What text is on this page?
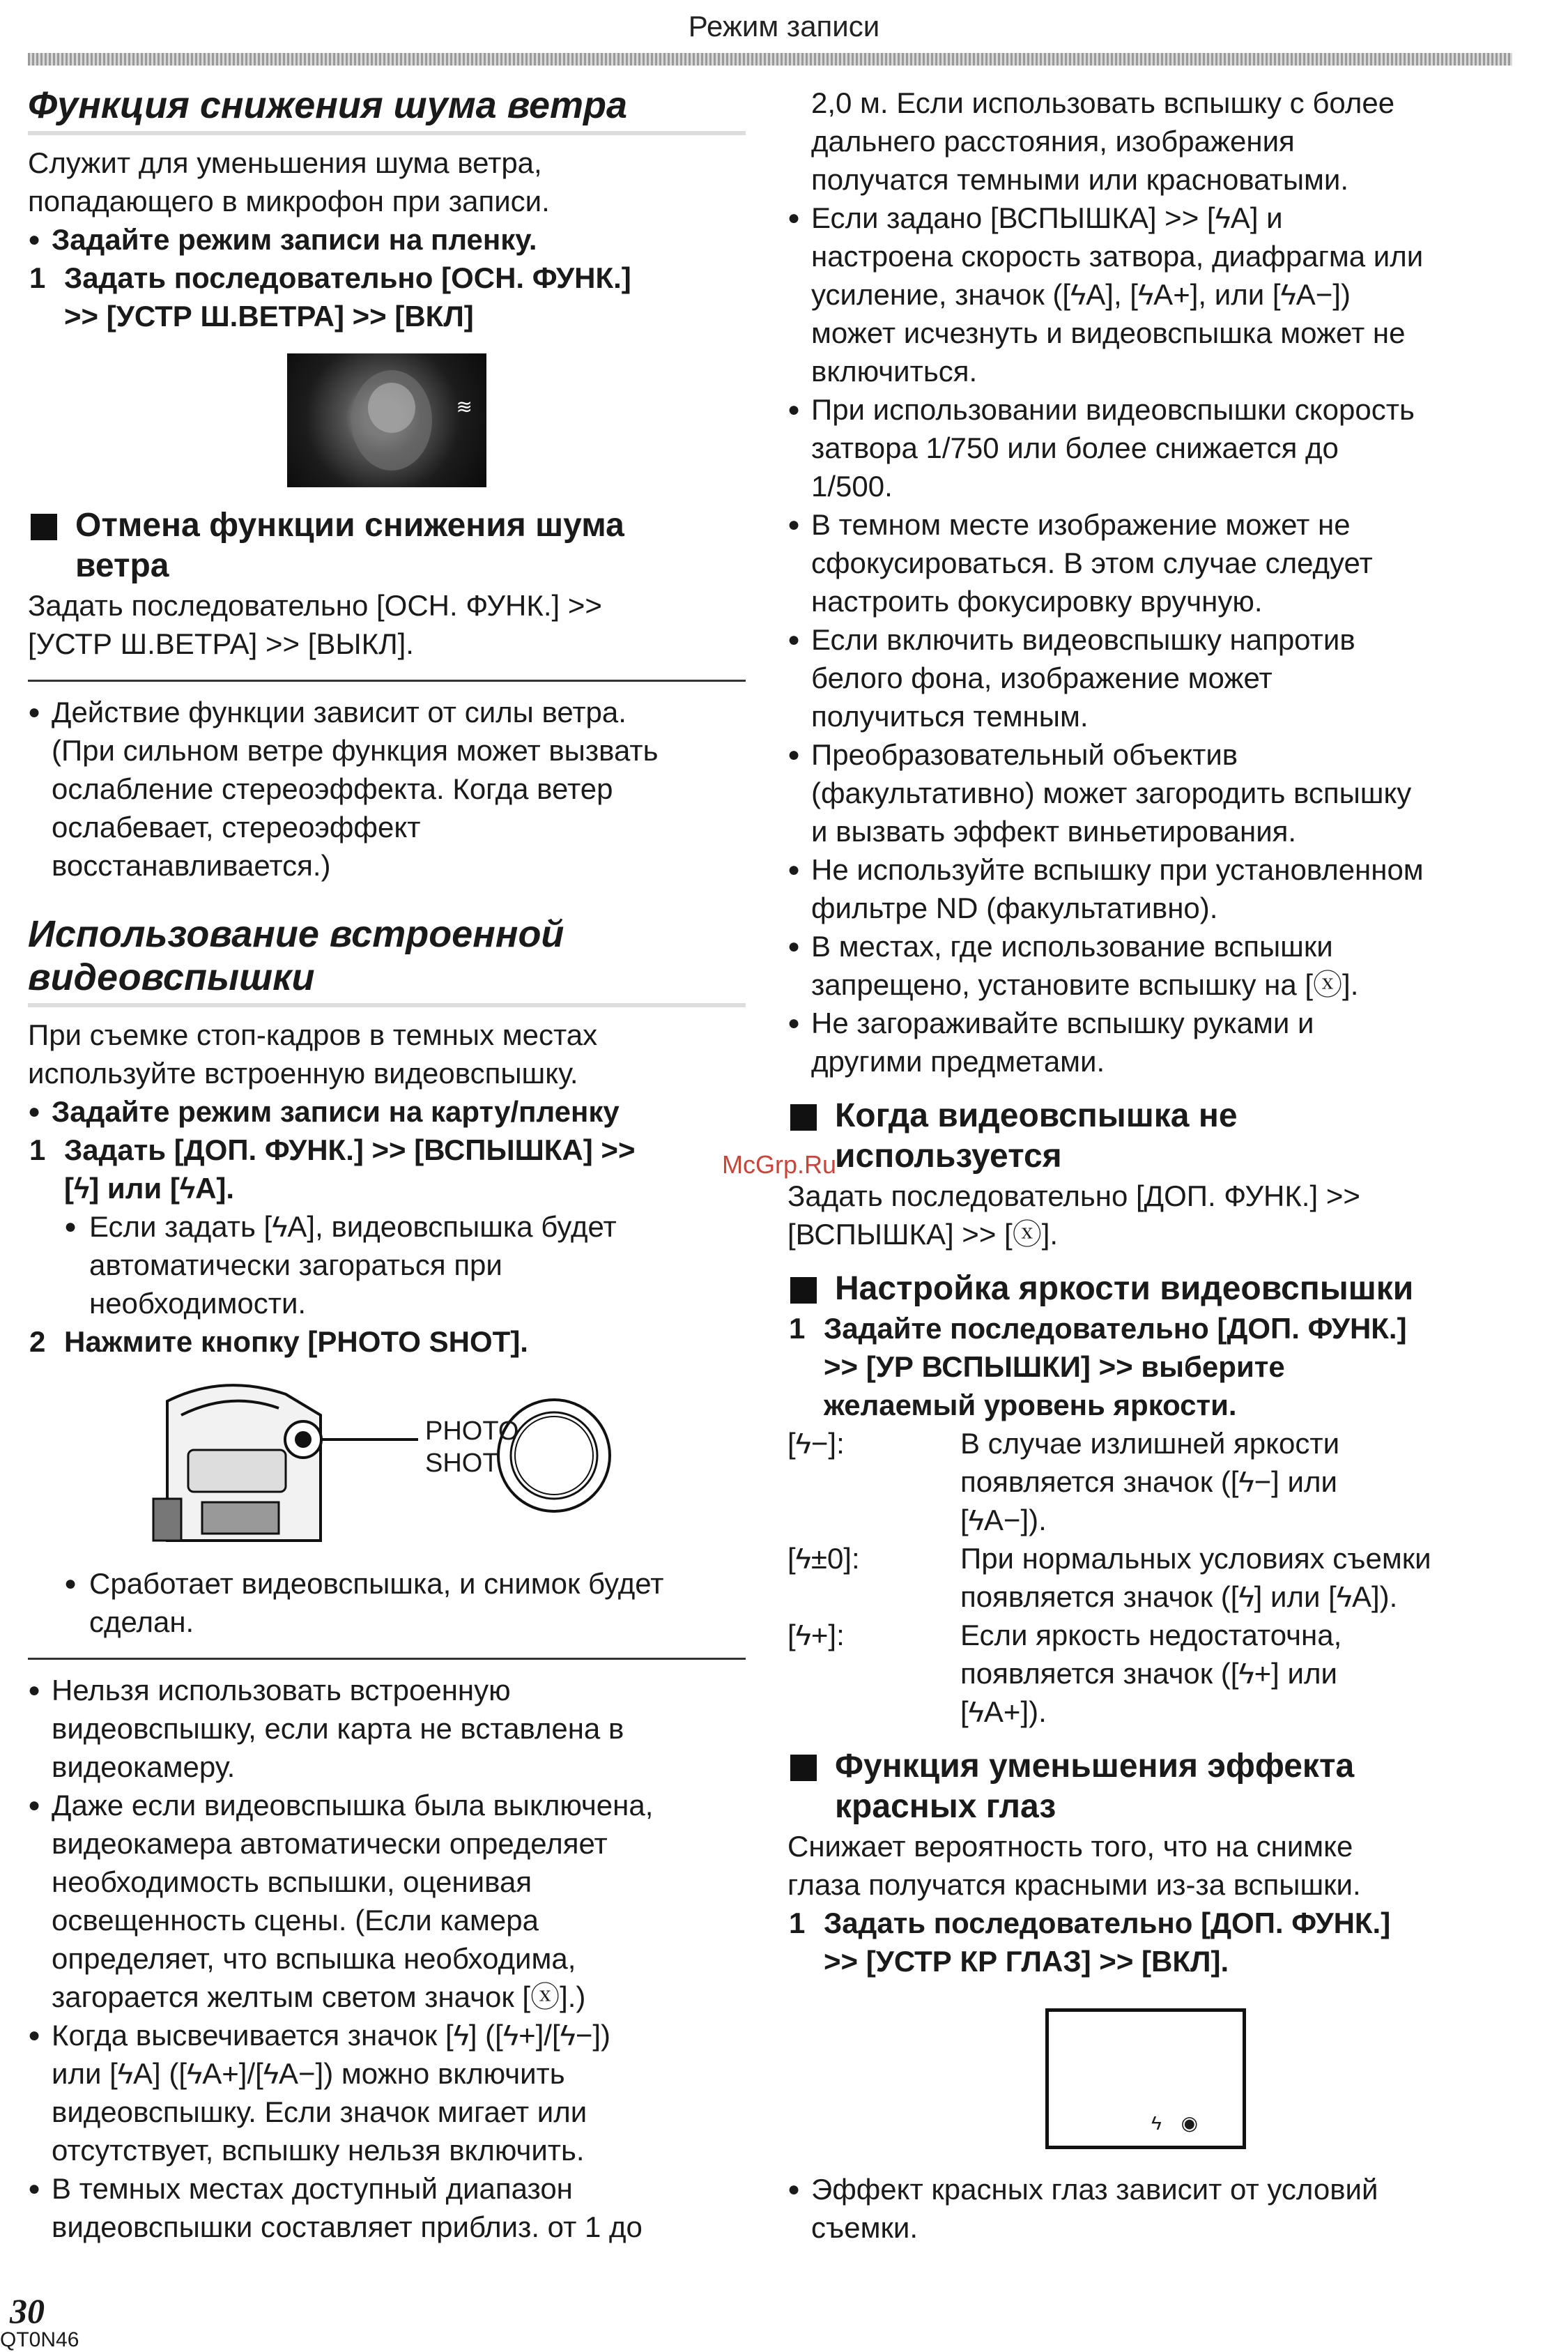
Режим записи
Функция снижения шума ветра

Служит для уменьшения шума ветра,

попадающего в микрофон при записи.

● Задайте режим записи на пленку.

1 Задать последовательно [ОСН. ФУНК.]

>> [УСТР Ш.ВЕТРА] >> [ВКЛ]

≋
Отмена функции снижения шума
ветра

Задать последовательно [ОСН. ФУНК.] >>

[УСТР Ш.ВЕТРА] >> [ВЫКЛ].

● Действие функции зависит от силы ветра.

(При сильном ветре функция может вызвать

ослабление стереоэффекта. Когда ветер

ослабевает, стереоэффект

восстанавливается.)

Использование встроенной
видеовспышки

При съемке стоп-кадров в темных местах

используйте встроенную видеовспышку.

● Задайте режим записи на карту/пленку

1 Задать [ДОП. ФУНК.] >> [ВСПЫШКА] >>

[ϟ] или [ϟA].

● Если задать [ϟA], видеовспышка будет

автоматически загораться при

необходимости.

2 Нажмите кнопку [PHOTO SHOT].

PHOTO
SHOT

● Сработает видеовспышка, и снимок будет

сделан.

● Нельзя использовать встроенную

видеовспышку, если карта не вставлена в

видеокамеру.

● Даже если видеовспышка была выключена,

видеокамера автоматически определяет

необходимость вспышки, оценивая

освещенность сцены. (Если камера

определяет, что вспышка необходима,

загорается желтым светом значок [ⓧ].)

● Когда высвечивается значок [ϟ] ([ϟ+]/[ϟ−])

или [ϟA] ([ϟA+]/[ϟA−]) можно включить

видеовспышку. Если значок мигает или

отсутствует, вспышку нельзя включить.

● В темных местах доступный диапазон

видеовспышки составляет приблиз. от 1 до

2,0 м. Если использовать вспышку с более

дальнего расстояния, изображения

получатся темными или красноватыми.

● Если задано [ВСПЫШКА] >> [ϟA] и

настроена скорость затвора, диафрагма или

усиление, значок ([ϟA], [ϟA+], или [ϟA−])

может исчезнуть и видеовспышка может не

включиться.

● При использовании видеовспышки скорость

затвора 1/750 или более снижается до

1/500.

● В темном месте изображение может не

сфокусироваться. В этом случае следует

настроить фокусировку вручную.

● Если включить видеовспышку напротив

белого фона, изображение может

получиться темным.

● Преобразовательный объектив

(факультативно) может загородить вспышку

и вызвать эффект виньетирования.

● Не используйте вспышку при установленном

фильтре ND (факультативно).

● В местах, где использование вспышки

запрещено, установите вспышку на [ⓧ].

● Не загораживайте вспышку руками и

другими предметами.

Когда видеовспышка не
используется

Задать последовательно [ДОП. ФУНК.] >>

[ВСПЫШКА] >> [ⓧ].

Настройка яркости видеовспышки

1 Задайте последовательно [ДОП. ФУНК.]

>> [УР ВСПЫШКИ] >> выберите

желаемый уровень яркости.

[ϟ−]:	В случае излишней яркости
появляется значок ([ϟ−] или
[ϟA−]).
[ϟ±0]:	При нормальных условиях съемки
появляется значок ([ϟ] или [ϟA]).
[ϟ+]:	Если яркость недостаточна,
появляется значок ([ϟ+] или
[ϟA+]).
Функция уменьшения эффекта
красных глаз

Снижает вероятность того, что на снимке

глаза получатся красными из-за вспышки.

1 Задать последовательно [ДОП. ФУНК.]

>> [УСТР КР ГЛАЗ] >> [ВКЛ].

ϟ ◉

● Эффект красных глаз зависит от условий

съемки.

McGrp.Ru
30
QT0N46
